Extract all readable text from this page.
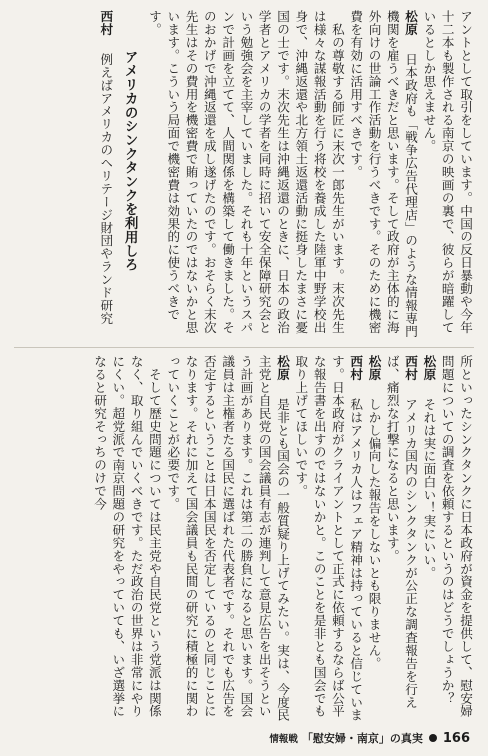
アントとして取引をしています。中国の反日暴動や今年十二本も製作される南京の映画の裏で、彼らが暗躍しているとしか思えません。

松原　日本政府も「戦争広告代理店」のような情報専門機関を雇うべきだと思います。そして政府が主体的に海外向けの世論工作活動を行うべきです。そのために機密費を有効に活用すべきです。

　私の尊敬する師匠に末次一郎先生がいます。末次先生は様々な謀報活動を行う将校を養成した陸軍中野学校出身で、沖縄返還や北方領土返還活動に挺身したまさに憂国の士です。末次先生は沖縄返還のときに、日本の政治学者とアメリカの学者を同時に招いて安全保障研究会という勉強会を主宰していました。それも十年というスパンで計画を立てて、人間関係を構築して働きました。そのおかげで沖縄返還を成し遂げたのです。おそらく末次先生はその費用を機密費で賄っていたのではないかと思います。こういう局面で機密費は効果的に使うべきです。

アメリカのシンクタンクを利用しろ

西村　例えばアメリカのヘリテージ財団やランド研究

所といったシンクタンクに日本政府が資金を提供して、慰安婦問題についての調査を依頼するというのはどうでしょうか？

松原　それは実に面白い！実にいい。

西村　アメリカ国内のシンクタンクが公正な調査報告を行えば、痛烈な打撃になると思います。

松原　しかし偏向した報告をしないとも限りません。

西村　私はアメリカ人はフェア精神は持っていると信じています。日本政府がクライアントとして正式に依頼するならば公平な報告書を出すのではないかと。このことを是非とも国会でも取り上げてほしいです。

松原　是非とも国会の一般質疑り上げてみたい。実は、今度民主党と自民党の国会議員有志が連判して意見広告を出そうという計画があります。これは第二の勝負になると思います。国会議員は主権者たる国民に選ばれた代表者です。それでも広告を否定するということは日本国民を否定しているのと同じことになります。それに加えて国会議員も民間の研究に積極的に関わっていくことが必要です。

　そして歴史問題については民主党や自民党という党派は関係なく、取り組んでいくべきです。ただ政治の世界は非常にやりにくい。超党派で南京問題の研究をやっていても、いざ選挙になると研究そっちのけで今

情報戦 「慰安婦・南京」の真実 166
